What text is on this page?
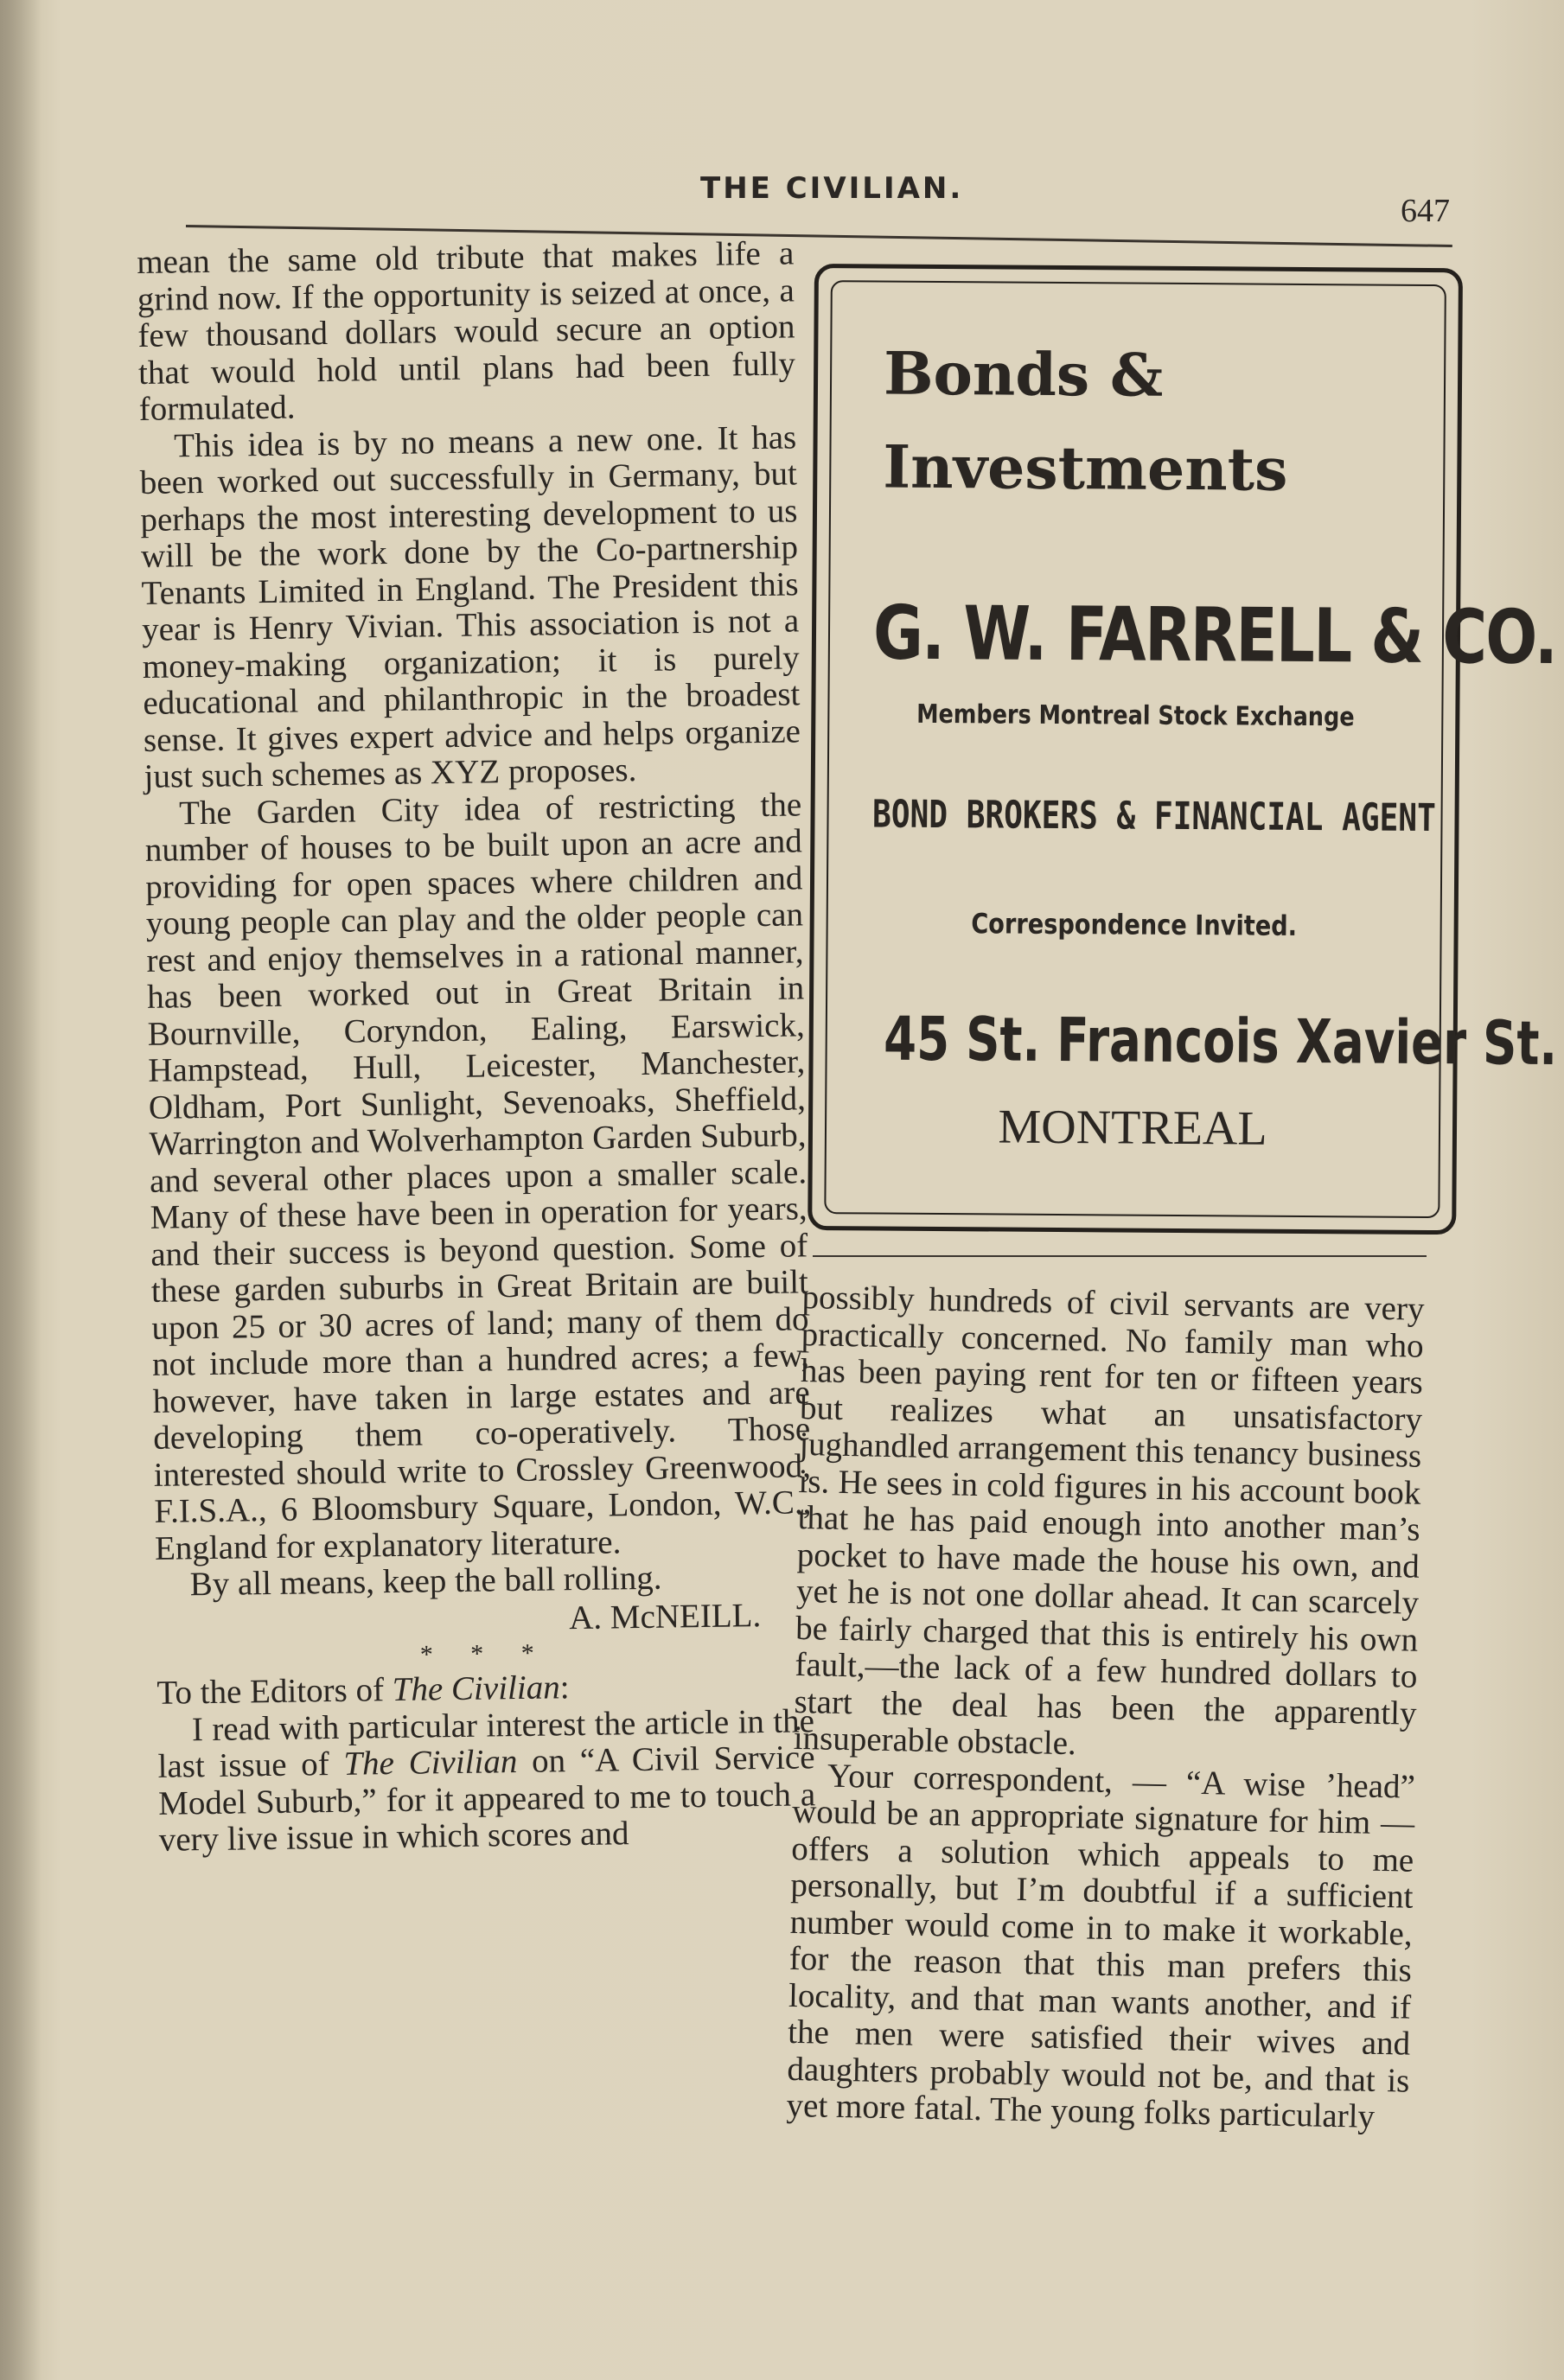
THE CIVILIAN.
647

mean the same old tribute that makes life a grind now. If the opportunity is seized at once, a few thousand dollars would secure an option that would hold until plans had been fully formulated.

This idea is by no means a new one. It has been worked out successfully in Germany, but perhaps the most interesting development to us will be the work done by the Co-partnership Tenants Limited in England. The President this year is Henry Vivian. This association is not a money-making organization; it is purely educational and philanthropic in the broadest sense. It gives expert advice and helps organize just such schemes as XYZ proposes.

The Garden City idea of restricting the number of houses to be built upon an acre and providing for open spaces where children and young people can play and the older people can rest and enjoy themselves in a rational manner, has been worked out in Great Britain in Bournville, Coryndon, Ealing, Earswick, Hampstead, Hull, Leicester, Manchester, Oldham, Port Sunlight, Sevenoaks, Sheffield, Warrington and Wolverhampton Garden Suburb, and several other places upon a smaller scale. Many of these have been in operation for years, and their success is beyond question. Some of these garden suburbs in Great Britain are built upon 25 or 30 acres of land; many of them do not include more than a hundred acres; a few, however, have taken in large estates and are developing them co-operatively. Those interested should write to Crossley Greenwood, F.I.S.A., 6 Bloomsbury Square, London, W.C., England for explanatory literature.

By all means, keep the ball rolling.

A. McNEILL.
* * *

To the Editors of The Civilian:

I read with particular interest the article in the last issue of The Civilian on “A Civil Service Model Suburb,” for it appeared to me to touch a very live issue in which scores and

Bonds &
Investments
G. W. FARRELL & CO.
Members Montreal Stock Exchange
BOND BROKERS & FINANCIAL AGENT
Correspondence Invited.
45 St. Francois Xavier St.
MONTREAL

possibly hundreds of civil servants are very practically concerned. No family man who has been paying rent for ten or fifteen years but realizes what an unsatisfactory jughandled arrangement this tenancy business is. He sees in cold figures in his account book that he has paid enough into another man’s pocket to have made the house his own, and yet he is not one dollar ahead. It can scarcely be fairly charged that this is entirely his own fault,—the lack of a few hundred dollars to start the deal has been the apparently insuperable obstacle.

Your correspondent, — “A wise ’head” would be an appropriate signature for him — offers a solution which appeals to me personally, but I’m doubtful if a sufficient number would come in to make it workable, for the reason that this man prefers this locality, and that man wants another, and if the men were satisfied their wives and daughters probably would not be, and that is yet more fatal. The young folks particularly
